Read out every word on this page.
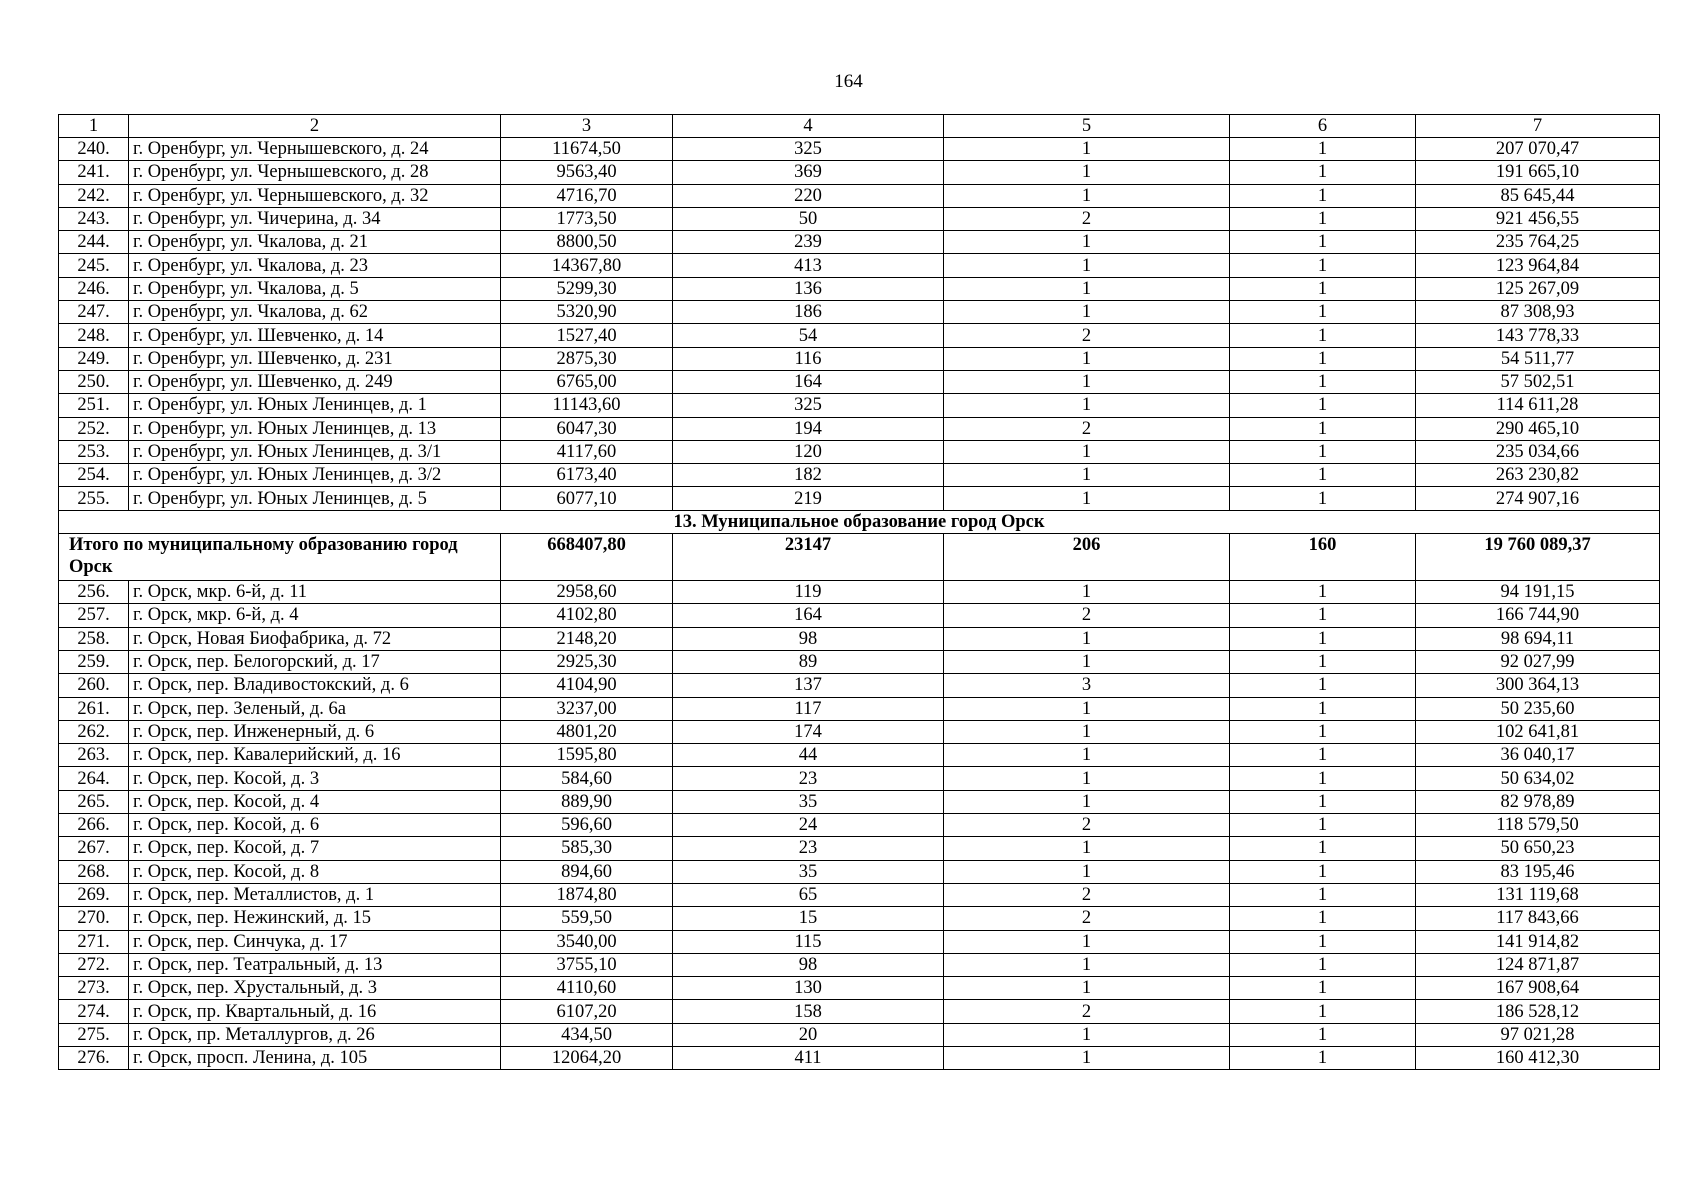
164
1	2	3	4	5	6	7
240.	г. Оренбург, ул. Чернышевского, д. 24	11674,50	325	1	1	207 070,47
241.	г. Оренбург, ул. Чернышевского, д. 28	9563,40	369	1	1	191 665,10
242.	г. Оренбург, ул. Чернышевского, д. 32	4716,70	220	1	1	85 645,44
243.	г. Оренбург, ул. Чичерина, д. 34	1773,50	50	2	1	921 456,55
244.	г. Оренбург, ул. Чкалова, д. 21	8800,50	239	1	1	235 764,25
245.	г. Оренбург, ул. Чкалова, д. 23	14367,80	413	1	1	123 964,84
246.	г. Оренбург, ул. Чкалова, д. 5	5299,30	136	1	1	125 267,09
247.	г. Оренбург, ул. Чкалова, д. 62	5320,90	186	1	1	87 308,93
248.	г. Оренбург, ул. Шевченко, д. 14	1527,40	54	2	1	143 778,33
249.	г. Оренбург, ул. Шевченко, д. 231	2875,30	116	1	1	54 511,77
250.	г. Оренбург, ул. Шевченко, д. 249	6765,00	164	1	1	57 502,51
251.	г. Оренбург, ул. Юных Ленинцев, д. 1	11143,60	325	1	1	114 611,28
252.	г. Оренбург, ул. Юных Ленинцев, д. 13	6047,30	194	2	1	290 465,10
253.	г. Оренбург, ул. Юных Ленинцев, д. 3/1	4117,60	120	1	1	235 034,66
254.	г. Оренбург, ул. Юных Ленинцев, д. 3/2	6173,40	182	1	1	263 230,82
255.	г. Оренбург, ул. Юных Ленинцев, д. 5	6077,10	219	1	1	274 907,16
13. Муниципальное образование город Орск						
Итого по муниципальному образованию город Орск		668407,80	23147	206	160	19 760 089,37
256.	г. Орск, мкр. 6-й, д. 11	2958,60	119	1	1	94 191,15
257.	г. Орск, мкр. 6-й, д. 4	4102,80	164	2	1	166 744,90
258.	г. Орск, Новая Биофабрика, д. 72	2148,20	98	1	1	98 694,11
259.	г. Орск, пер. Белогорский, д. 17	2925,30	89	1	1	92 027,99
260.	г. Орск, пер. Владивостокский, д. 6	4104,90	137	3	1	300 364,13
261.	г. Орск, пер. Зеленый, д. 6а	3237,00	117	1	1	50 235,60
262.	г. Орск, пер. Инженерный, д. 6	4801,20	174	1	1	102 641,81
263.	г. Орск, пер. Кавалерийский, д. 16	1595,80	44	1	1	36 040,17
264.	г. Орск, пер. Косой, д. 3	584,60	23	1	1	50 634,02
265.	г. Орск, пер. Косой, д. 4	889,90	35	1	1	82 978,89
266.	г. Орск, пер. Косой, д. 6	596,60	24	2	1	118 579,50
267.	г. Орск, пер. Косой, д. 7	585,30	23	1	1	50 650,23
268.	г. Орск, пер. Косой, д. 8	894,60	35	1	1	83 195,46
269.	г. Орск, пер. Металлистов, д. 1	1874,80	65	2	1	131 119,68
270.	г. Орск, пер. Нежинский, д. 15	559,50	15	2	1	117 843,66
271.	г. Орск, пер. Синчука, д. 17	3540,00	115	1	1	141 914,82
272.	г. Орск, пер. Театральный, д. 13	3755,10	98	1	1	124 871,87
273.	г. Орск, пер. Хрустальный, д. 3	4110,60	130	1	1	167 908,64
274.	г. Орск, пр. Квартальный, д. 16	6107,20	158	2	1	186 528,12
275.	г. Орск, пр. Металлургов, д. 26	434,50	20	1	1	97 021,28
276.	г. Орск, просп. Ленина, д. 105	12064,20	411	1	1	160 412,30
